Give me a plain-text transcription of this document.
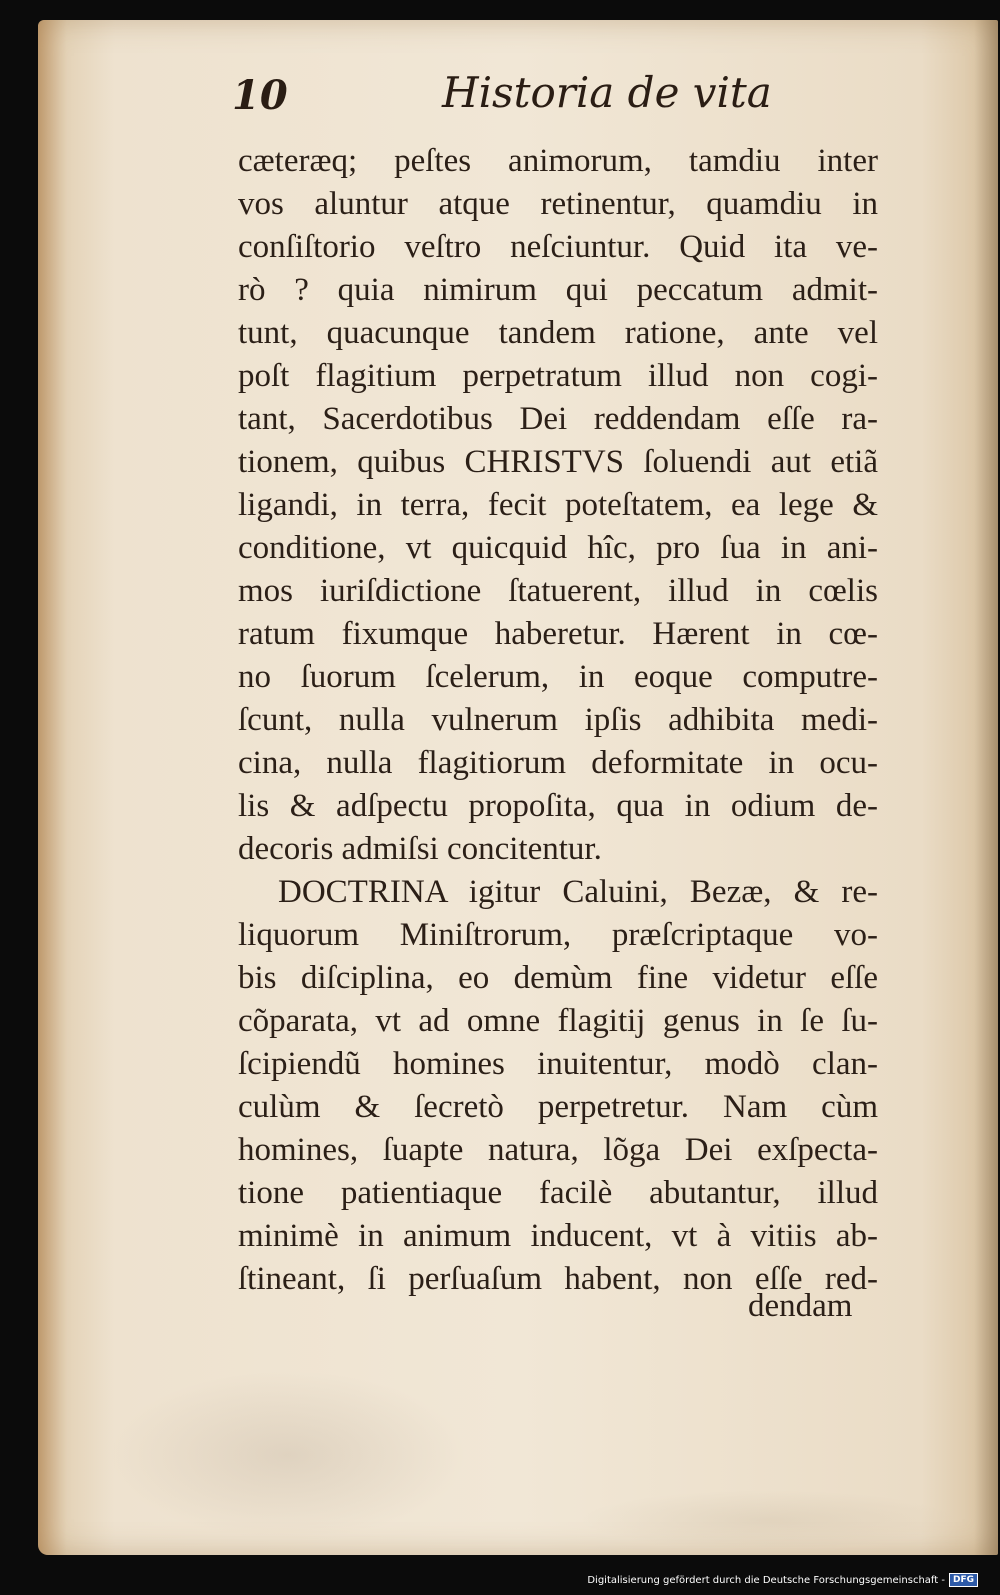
10	Historia de vita
cæteræq; peſtes animorum, tamdiu inter
vos aluntur atque retinentur, quamdiu in
conſiſtorio veſtro neſciuntur. Quid ita ve-
rò ? quia nimirum qui peccatum admit-
tunt, quacunque tandem ratione, ante vel
poſt flagitium perpetratum illud non cogi-
tant, Sacerdotibus Dei reddendam eſſe ra-
tionem, quibus CHRISTVS ſoluendi aut etiã
ligandi, in terra, fecit poteſtatem, ea lege &
conditione, vt quicquid hîc, pro ſua in ani-
mos iuriſdictione ſtatuerent, illud in cœlis
ratum fixumque haberetur. Hærent in cœ-
no ſuorum ſcelerum, in eoque computre-
ſcunt, nulla vulnerum ipſis adhibita medi-
cina, nulla flagitiorum deformitate in ocu-
lis & adſpectu propoſita, qua in odium de-
decoris admiſsi concitentur.
DOCTRINA igitur Caluini, Bezæ, & re-
liquorum Miniſtrorum, præſcriptaque vo-
bis diſciplina, eo demùm fine videtur eſſe
cõparata, vt ad omne flagitij genus in ſe ſu-
ſcipiendũ homines inuitentur, modò clan-
culùm & ſecretò perpetretur. Nam cùm
homines, ſuapte natura, lõga Dei exſpecta-
tione patientiaque facilè abutantur, illud
minimè in animum inducent, vt à vitiis ab-
ſtineant, ſi perſuaſum habent, non eſſe red-
dendam
Digitalisierung gefördert durch die Deutsche Forschungsgemeinschaft - DFG
